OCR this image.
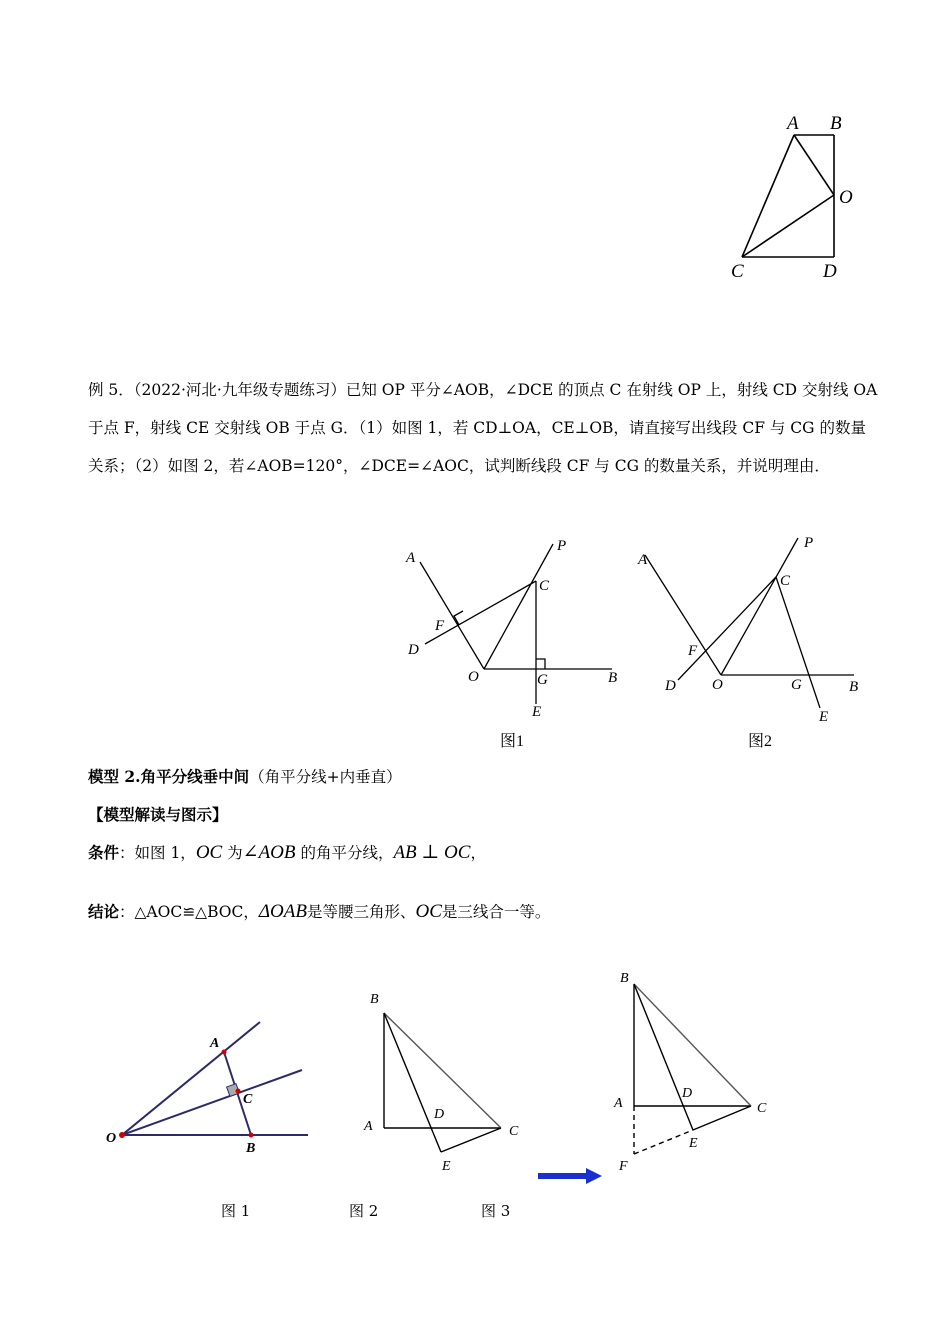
A B
O
C	D
例 5．（2022·河北·九年级专题练习）已知 OP 平分∠AOB，∠DCE 的顶点 C 在射线 OP 上，射线 CD 交射线 OA 于点 F，射线 CE 交射线 OB 于点 G．（1）如图 1，若 CD⊥OA，CE⊥OB，请直接写出线段 CF 与 CG 的数量关系；（2）如图 2，若∠AOB=120°，∠DCE=∠AOC，试判断线段 CF 与 CG 的数量关系，并说明理由．
A
P
C
F
D
O	G	B
E
图1
A
P
C
F
D O	G	B
E
图2
模型 2.角平分线垂中间（角平分线+内垂直）
【模型解读与图示】
条件：如图 1，OC 为∠AOB 的角平分线，AB ⊥ OC，
结论：△AOC≌△BOC，ΔOAB是等腰三角形、OC是三线合一等。
A
C
O
B
B
A
D
C
E
B
A
D
C
E
F
图 1	图 2	图 3
